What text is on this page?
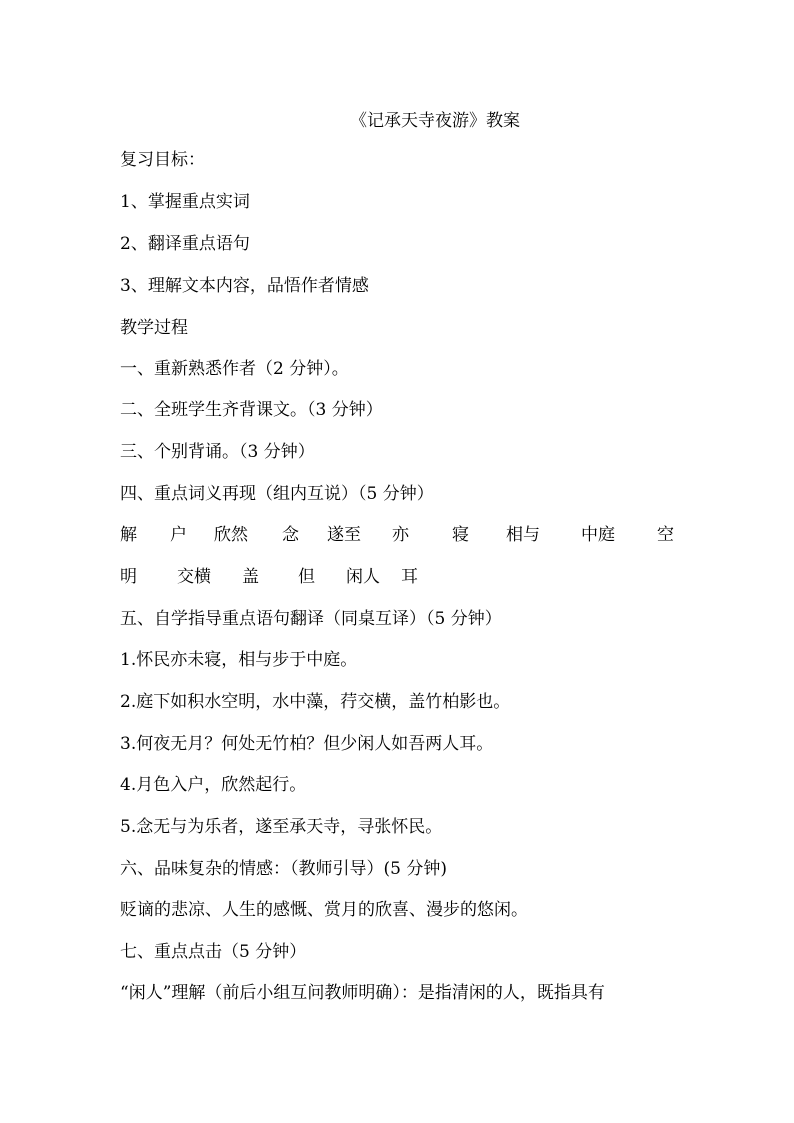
《记承天寺夜游》教案
复习目标：
1、掌握重点实词
2、翻译重点语句
3、理解文本内容，品悟作者情感
教学过程
一、重新熟悉作者（2 分钟）。
二、全班学生齐背课文。（3 分钟）
三、个别背诵。（3 分钟）
四、重点词义再现（组内互说）（5 分钟）
解 户 欣然 念 遂至 亦	寝 相与 中庭 空
明 交横 盖 但 闲人 耳
五、自学指导重点语句翻译（同桌互译）（5 分钟）
1.怀民亦未寝，相与步于中庭。
2.庭下如积水空明，水中藻，荇交横，盖竹柏影也。
3.何夜无月？何处无竹柏？但少闲人如吾两人耳。
4.月色入户，欣然起行。
5.念无与为乐者，遂至承天寺，寻张怀民。
六、品味复杂的情感：（教师引导）(5 分钟)
贬谪的悲凉、人生的感慨、赏月的欣喜、漫步的悠闲。
七、重点点击（5 分钟）
“闲人”理解（前后小组互问教师明确）：是指清闲的人，既指具有
